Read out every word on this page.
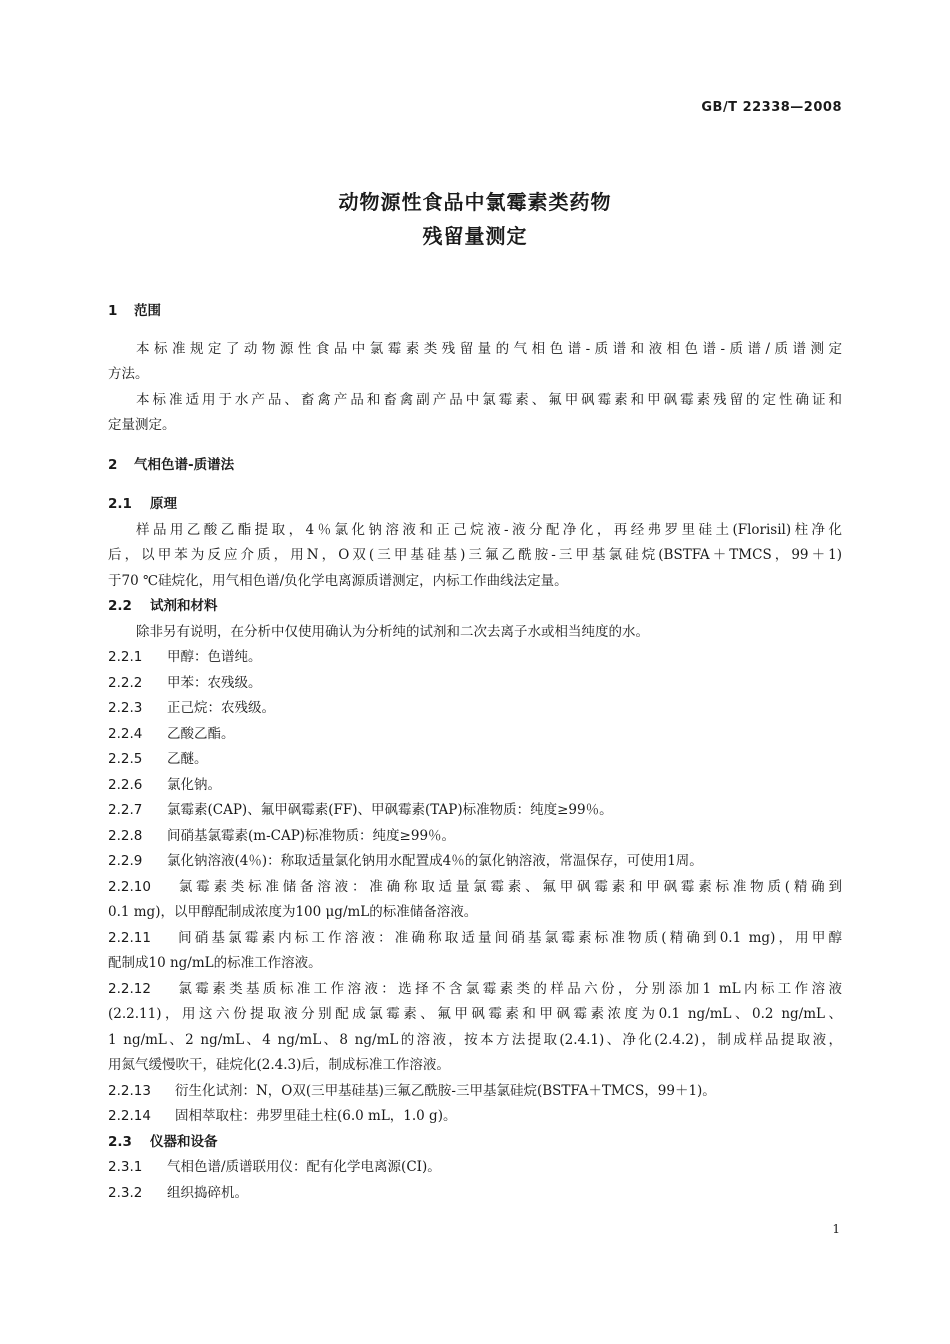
GB/T 22338—2008
动物源性食品中氯霉素类药物
残留量测定
1 范围
本标准规定了动物源性食品中氯霉素类残留量的气相色谱-质谱和液相色谱-质谱/质谱测定
方法。
本标准适用于水产品、畜禽产品和畜禽副产品中氯霉素、氟甲砜霉素和甲砜霉素残留的定性确证和
定量测定。
2 气相色谱-质谱法
2.1 原理
样品用乙酸乙酯提取，4％氯化钠溶液和正己烷液-液分配净化，再经弗罗里硅土(Florisil)柱净化
后，以甲苯为反应介质，用N，O双(三甲基硅基)三氟乙酰胺-三甲基氯硅烷(BSTFA＋TMCS，99＋1)
于70 ℃硅烷化，用气相色谱/负化学电离源质谱测定，内标工作曲线法定量。
2.2 试剂和材料
除非另有说明，在分析中仅使用确认为分析纯的试剂和二次去离子水或相当纯度的水。
2.2.1 甲醇：色谱纯。
2.2.2 甲苯：农残级。
2.2.3 正己烷：农残级。
2.2.4 乙酸乙酯。
2.2.5 乙醚。
2.2.6 氯化钠。
2.2.7 氯霉素(CAP)、氟甲砜霉素(FF)、甲砜霉素(TAP)标准物质：纯度≥99％。
2.2.8 间硝基氯霉素(m-CAP)标准物质：纯度≥99％。
2.2.9 氯化钠溶液(4％)：称取适量氯化钠用水配置成4％的氯化钠溶液，常温保存，可使用1周。
2.2.10 氯霉素类标准储备溶液：准确称取适量氯霉素、氟甲砜霉素和甲砜霉素标准物质(精确到
0.1 mg)，以甲醇配制成浓度为100 μg/mL的标准储备溶液。
2.2.11 间硝基氯霉素内标工作溶液：准确称取适量间硝基氯霉素标准物质(精确到0.1 mg)，用甲醇
配制成10 ng/mL的标准工作溶液。
2.2.12 氯霉素类基质标准工作溶液：选择不含氯霉素类的样品六份，分别添加1 mL内标工作溶液
(2.2.11)，用这六份提取液分别配成氯霉素、氟甲砜霉素和甲砜霉素浓度为0.1 ng/mL、0.2 ng/mL、
1 ng/mL、2 ng/mL、4 ng/mL、8 ng/mL的溶液，按本方法提取(2.4.1)、净化(2.4.2)，制成样品提取液，
用氮气缓慢吹干，硅烷化(2.4.3)后，制成标准工作溶液。
2.2.13 衍生化试剂：N，O双(三甲基硅基)三氟乙酰胺-三甲基氯硅烷(BSTFA＋TMCS，99＋1)。
2.2.14 固相萃取柱：弗罗里硅土柱(6.0 mL，1.0 g)。
2.3 仪器和设备
2.3.1 气相色谱/质谱联用仪：配有化学电离源(CI)。
2.3.2 组织捣碎机。
1
